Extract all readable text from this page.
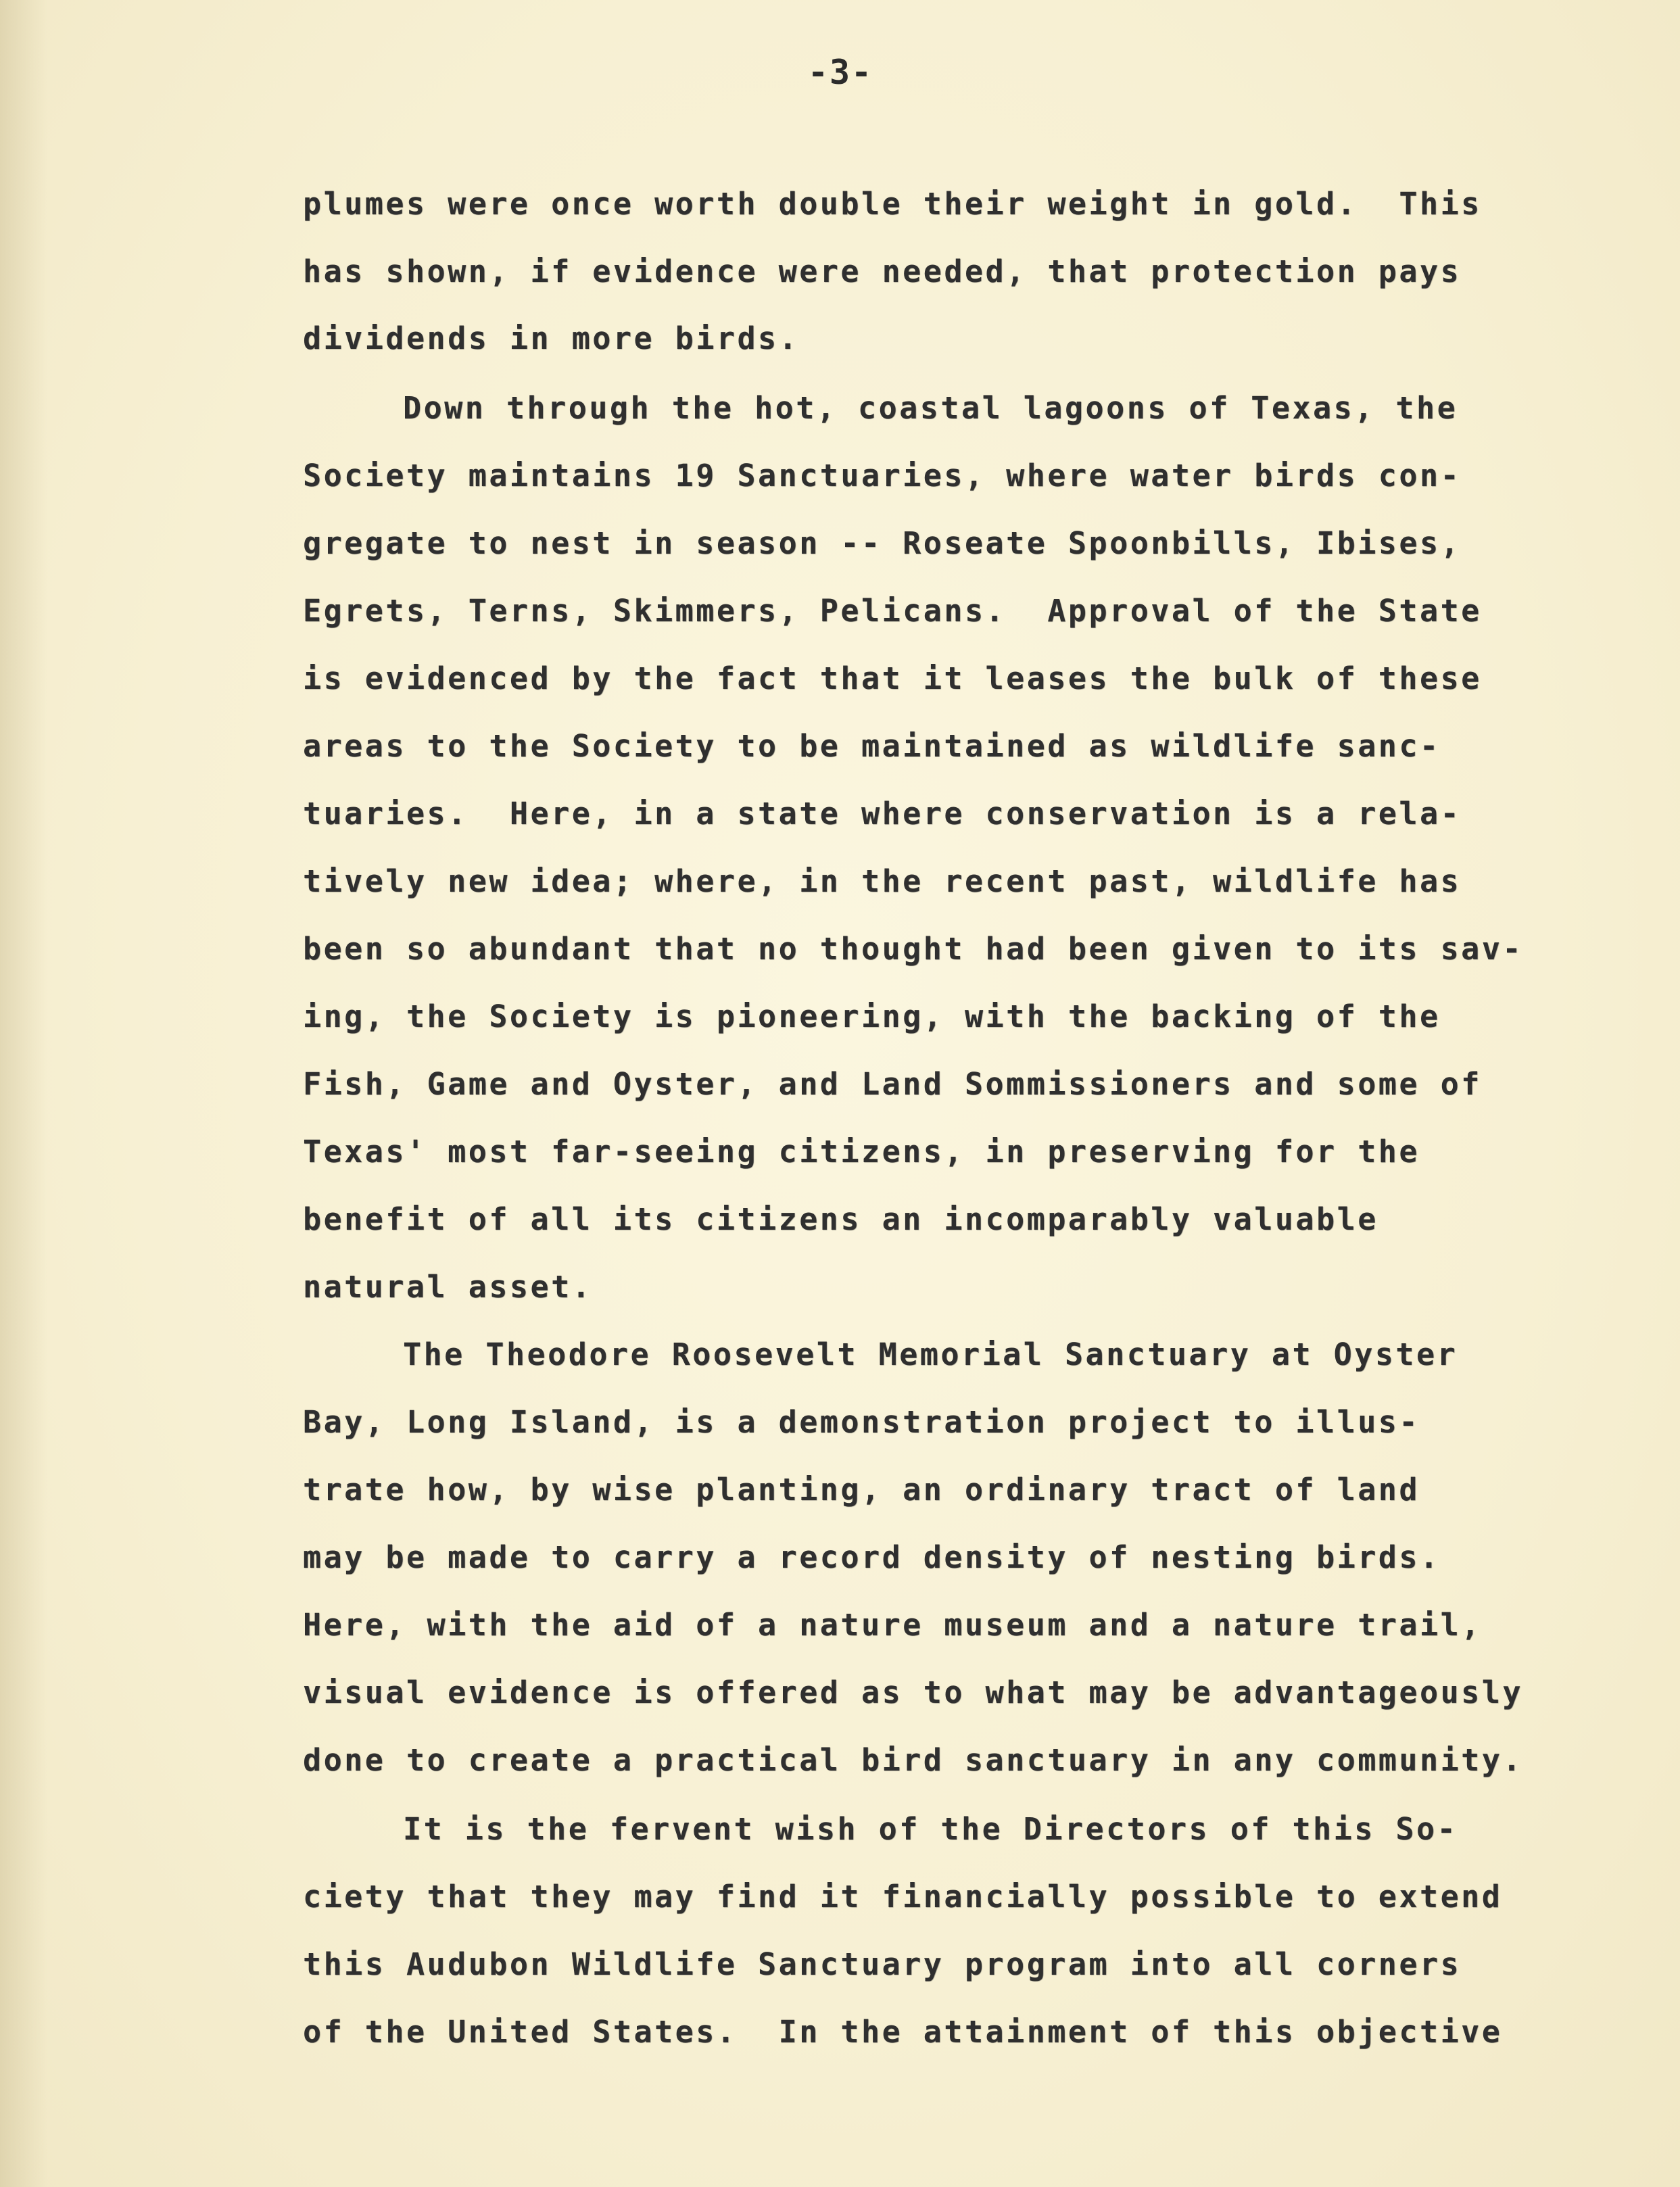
-3-
plumes were once worth double their weight in gold.  This
has shown, if evidence were needed, that protection pays
dividends in more birds.
Down through the hot, coastal lagoons of Texas, the
Society maintains 19 Sanctuaries, where water birds con-
gregate to nest in season -- Roseate Spoonbills, Ibises,
Egrets, Terns, Skimmers, Pelicans.  Approval of the State
is evidenced by the fact that it leases the bulk of these
areas to the Society to be maintained as wildlife sanc-
tuaries.  Here, in a state where conservation is a rela-
tively new idea; where, in the recent past, wildlife has
been so abundant that no thought had been given to its sav-
ing, the Society is pioneering, with the backing of the
Fish, Game and Oyster, and Land Sommissioners and some of
Texas' most far-seeing citizens, in preserving for the
benefit of all its citizens an incomparably valuable
natural asset.
The Theodore Roosevelt Memorial Sanctuary at Oyster
Bay, Long Island, is a demonstration project to illus-
trate how, by wise planting, an ordinary tract of land
may be made to carry a record density of nesting birds.
Here, with the aid of a nature museum and a nature trail,
visual evidence is offered as to what may be advantageously
done to create a practical bird sanctuary in any community.
It is the fervent wish of the Directors of this So-
ciety that they may find it financially possible to extend
this Audubon Wildlife Sanctuary program into all corners
of the United States.  In the attainment of this objective
